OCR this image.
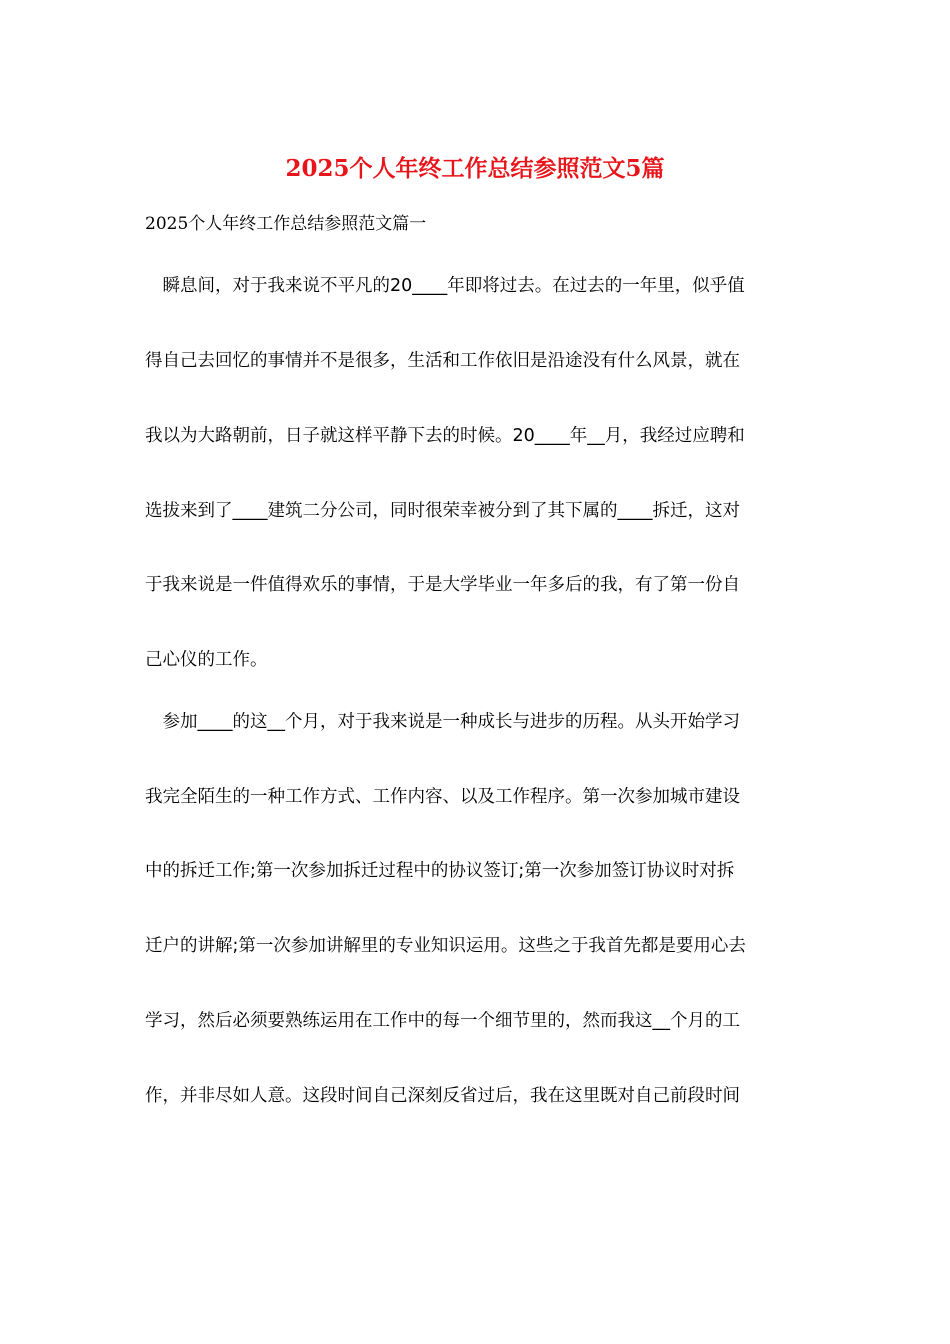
2025个人年终工作总结参照范文5篇

2025个人年终工作总结参照范文篇一

　瞬息间，对于我来说不平凡的20____年即将过去。在过去的一年里，似乎值

得自己去回忆的事情并不是很多，生活和工作依旧是沿途没有什么风景，就在

我以为大路朝前，日子就这样平静下去的时候。20____年__月，我经过应聘和

选拔来到了____建筑二分公司，同时很荣幸被分到了其下属的____拆迁，这对

于我来说是一件值得欢乐的事情，于是大学毕业一年多后的我，有了第一份自

己心仪的工作。

　参加____的这__个月，对于我来说是一种成长与进步的历程。从头开始学习

我完全陌生的一种工作方式、工作内容、以及工作程序。第一次参加城市建设

中的拆迁工作;第一次参加拆迁过程中的协议签订;第一次参加签订协议时对拆

迁户的讲解;第一次参加讲解里的专业知识运用。这些之于我首先都是要用心去

学习，然后必须要熟练运用在工作中的每一个细节里的，然而我这__个月的工

作，并非尽如人意。这段时间自己深刻反省过后，我在这里既对自己前段时间
